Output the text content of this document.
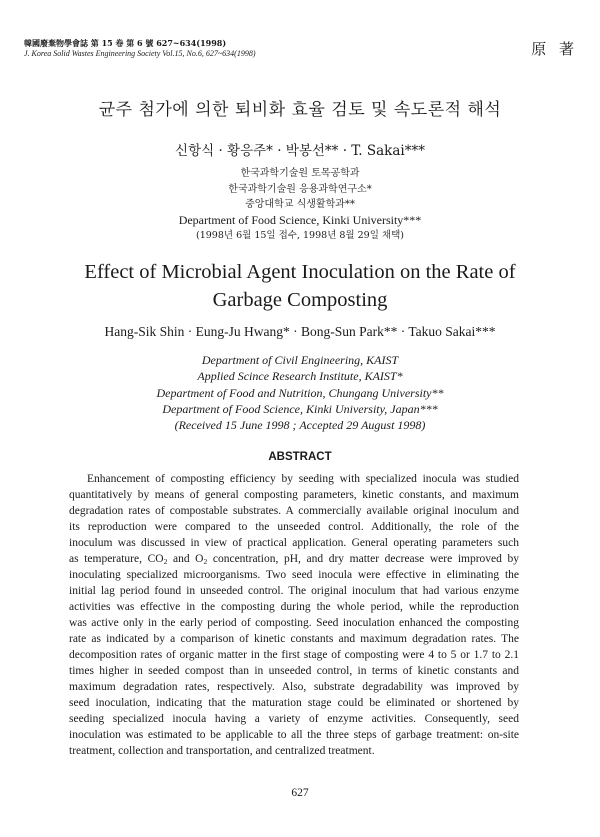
韓國廢棄物學會誌 第 15 卷 第 6 號 627~634(1998)
J. Korea Solid Wastes Engineering Society Vol.15, No.6, 627~634(1998)	原 著
균주 첨가에 의한 퇴비화 효율 검토 및 속도론적 해석
신항식 · 황응주* · 박봉선** · T. Sakai***
한국과학기술원 토목공학과
한국과학기술원 응용과학연구소*
중앙대학교 식생활학과**
Department of Food Science, Kinki University***
(1998년 6월 15일 접수, 1998년 8월 29일 채택)
Effect of Microbial Agent Inoculation on the Rate of
Garbage Composting
Hang-Sik Shin · Eung-Ju Hwang* · Bong-Sun Park** · Takuo Sakai***
Department of Civil Engineering, KAIST
Applied Scince Research Institute, KAIST*
Department of Food and Nutrition, Chungang University**
Department of Food Science, Kinki University, Japan***
(Received 15 June 1998 ; Accepted 29 August 1998)
ABSTRACT
Enhancement of composting efficiency by seeding with specialized inocula was studied
quantitatively by means of general composting parameters, kinetic constants, and maximum
degradation rates of compostable substrates. A commercially available original inoculum and
its reproduction were compared to the unseeded control. Additionally, the role of the
inoculum was discussed in view of practical application. General operating parameters such
as temperature, $CO_2$ and $O_2$ concentration, pH, and dry matter decrease were improved by
inoculating specialized microorganisms. Two seed inocula were effective in eliminating the
initial lag period found in unseeded control. The original inoculum that had various enzyme
activities was effective in the composting during the whole period, while the reproduction
was active only in the early period of composting. Seed inoculation enhanced the composting
rate as indicated by a comparison of kinetic constants and maximum degradation rates. The
decomposition rates of organic matter in the first stage of composting were 4 to 5 or 1.7 to 2.1
times higher in seeded compost than in unseeded control, in terms of kinetic constants and
maximum degradation rates, respectively. Also, substrate degradability was improved by
seed inoculation, indicating that the maturation stage could be eliminated or shortened by
seeding specialized inocula having a variety of enzyme activities. Consequently, seed
inoculation was estimated to be applicable to all the three steps of garbage treatment: on-site
treatment, collection and transportation, and centralized treatment.
627
